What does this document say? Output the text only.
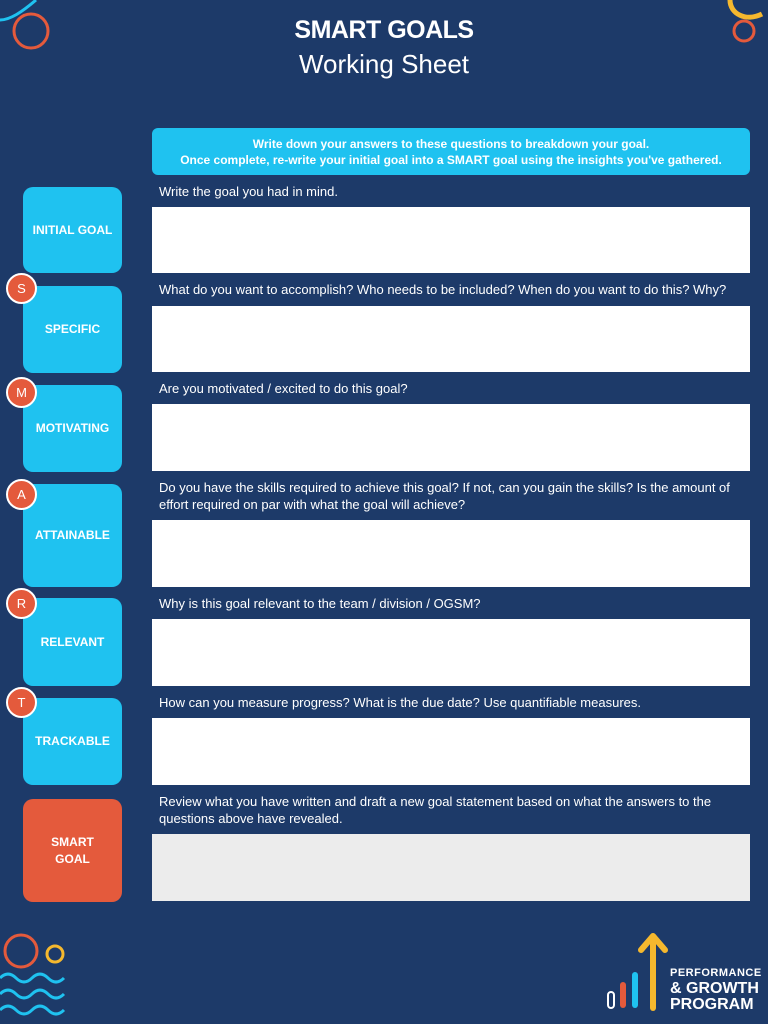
SMART GOALS
Working Sheet
Write down your answers to these questions to breakdown your goal.
Once complete, re-write your initial goal into a SMART goal using the insights you've gathered.
INITIAL GOAL
Write the goal you had in mind.
SPECIFIC
S	What do you want to accomplish? Who needs to be included? When do you want to do this? Why?
MOTIVATING
M	Are you motivated / excited to do this goal?
ATTAINABLE
A	Do you have the skills required to achieve this goal? If not, can you gain the skills? Is the amount of effort required on par with what the goal will achieve?
RELEVANT
R	Why is this goal relevant to the team / division / OGSM?
TRACKABLE
T	How can you measure progress? What is the due date? Use quantifiable measures.
SMART
GOAL
Review what you have written and draft a new goal statement based on what the answers to the questions above have revealed.
PERFORMANCE
& GROWTH
PROGRAM
